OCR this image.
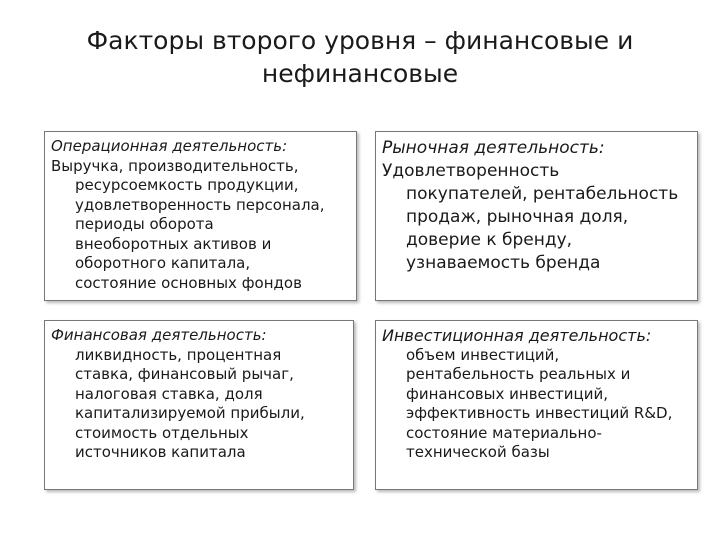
Факторы второго уровня – финансовые и
нефинансовые
Операционная деятельность:
Выручка, производительность,
ресурсоемкость продукции,
удовлетворенность персонала,
периоды оборота
внеоборотных активов и
оборотного капитала,
состояние основных фондов
Рыночная деятельность:
Удовлетворенность
покупателей, рентабельность
продаж, рыночная доля,
доверие к бренду,
узнаваемость бренда
Финансовая деятельность:
ликвидность, процентная
ставка, финансовый рычаг,
налоговая ставка, доля
капитализируемой прибыли,
стоимость отдельных
источников капитала
Инвестиционная деятельность:
объем инвестиций,
рентабельность реальных и
финансовых инвестиций,
эффективность инвестиций R&D,
состояние материально-
технической базы
